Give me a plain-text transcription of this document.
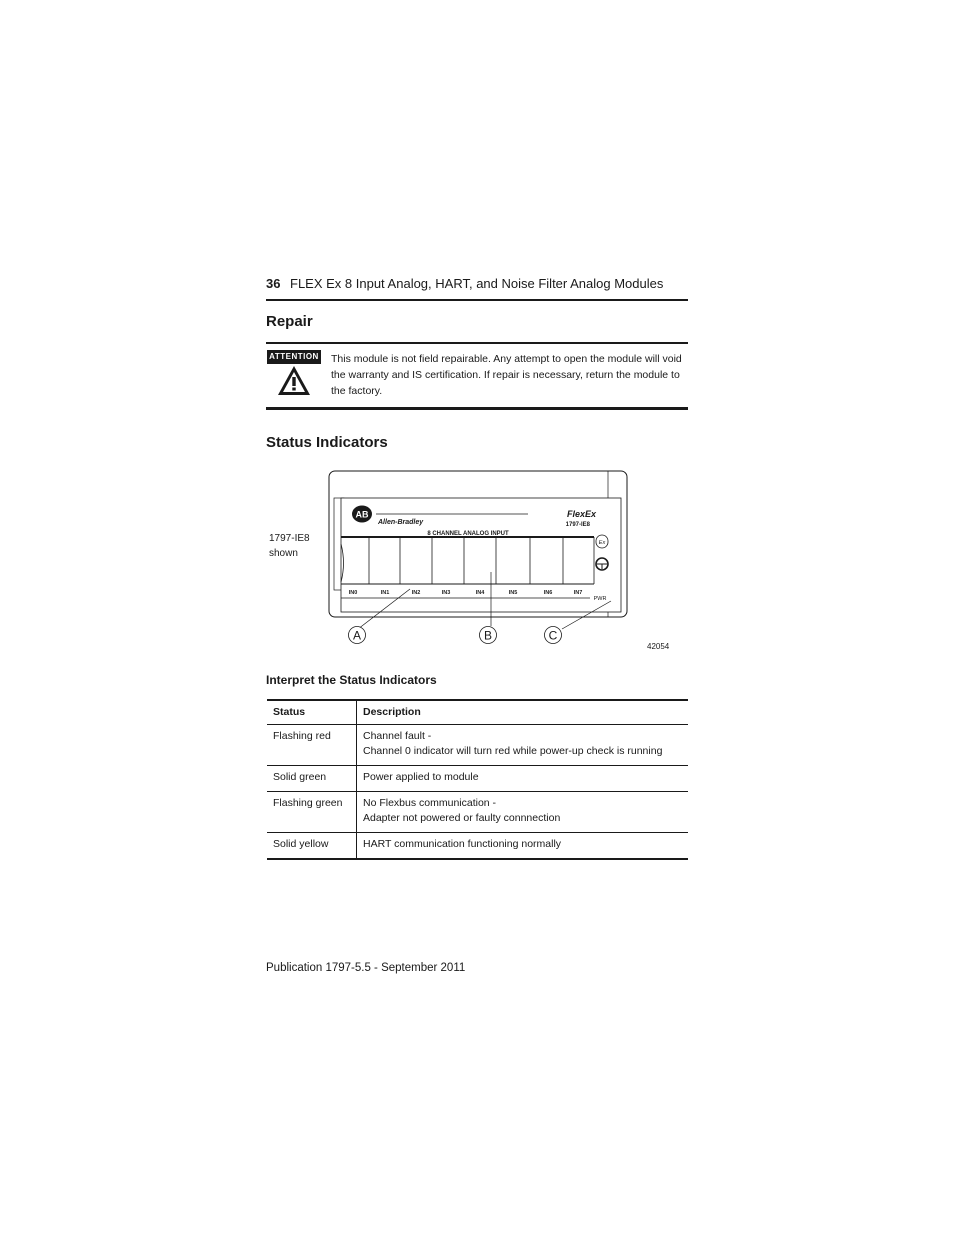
36 FLEX Ex 8 Input Analog, HART, and Noise Filter Analog Modules
Repair
ATTENTION This module is not field repairable. Any attempt to open the module will void the warranty and IS certification. If repair is necessary, return the module to the factory.
Status Indicators
1797-IE8
shown
AB
Allen-Bradley
FlexEx
1797-IE8
8 CHANNEL ANALOG INPUT
IN0	IN1	IN2	IN3	IN4	IN5	IN6	IN7
PWR
Ex
A	B	C
42054
Interpret the Status Indicators
Status	Description
Flashing red	Channel fault -
Channel 0 indicator will turn red while power-up check is running

Solid green	Power applied to module

Flashing green	No Flexbus communication -
Adapter not powered or faulty connnection

Solid yellow	HART communication functioning normally
Publication 1797-5.5 - September 2011
